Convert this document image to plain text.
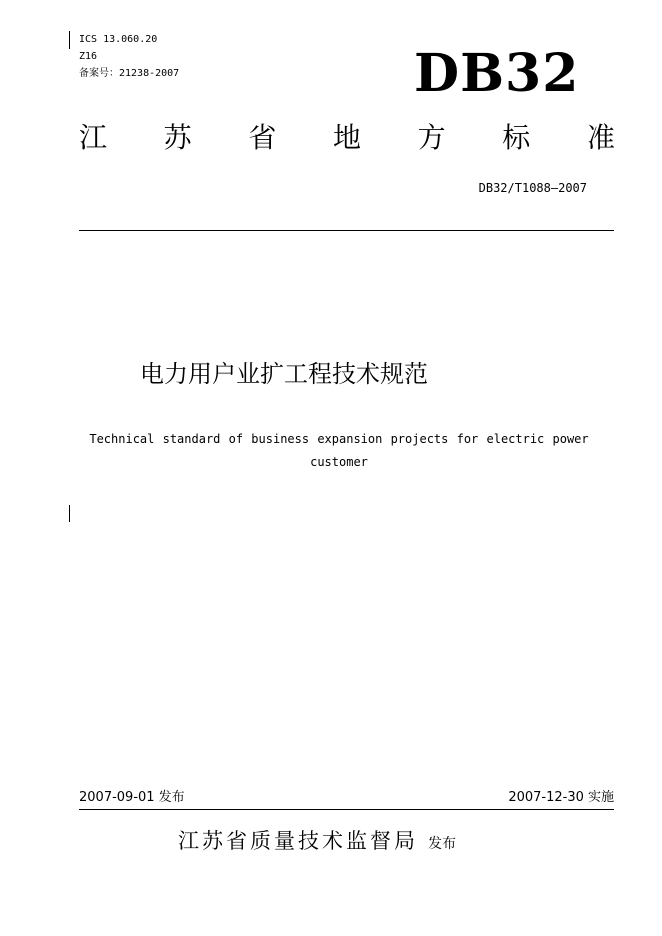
ICS 13.060.20
Z16
备案号：21238-2007	DB32
江 苏 省 地 方 标 准
DB32/T1088—2007
电力用户业扩工程技术规范
Technical standard of business expansion projects for electric power customer
2007-09-01 发布	2007-12-30 实施
江苏省质量技术监督局 发布
